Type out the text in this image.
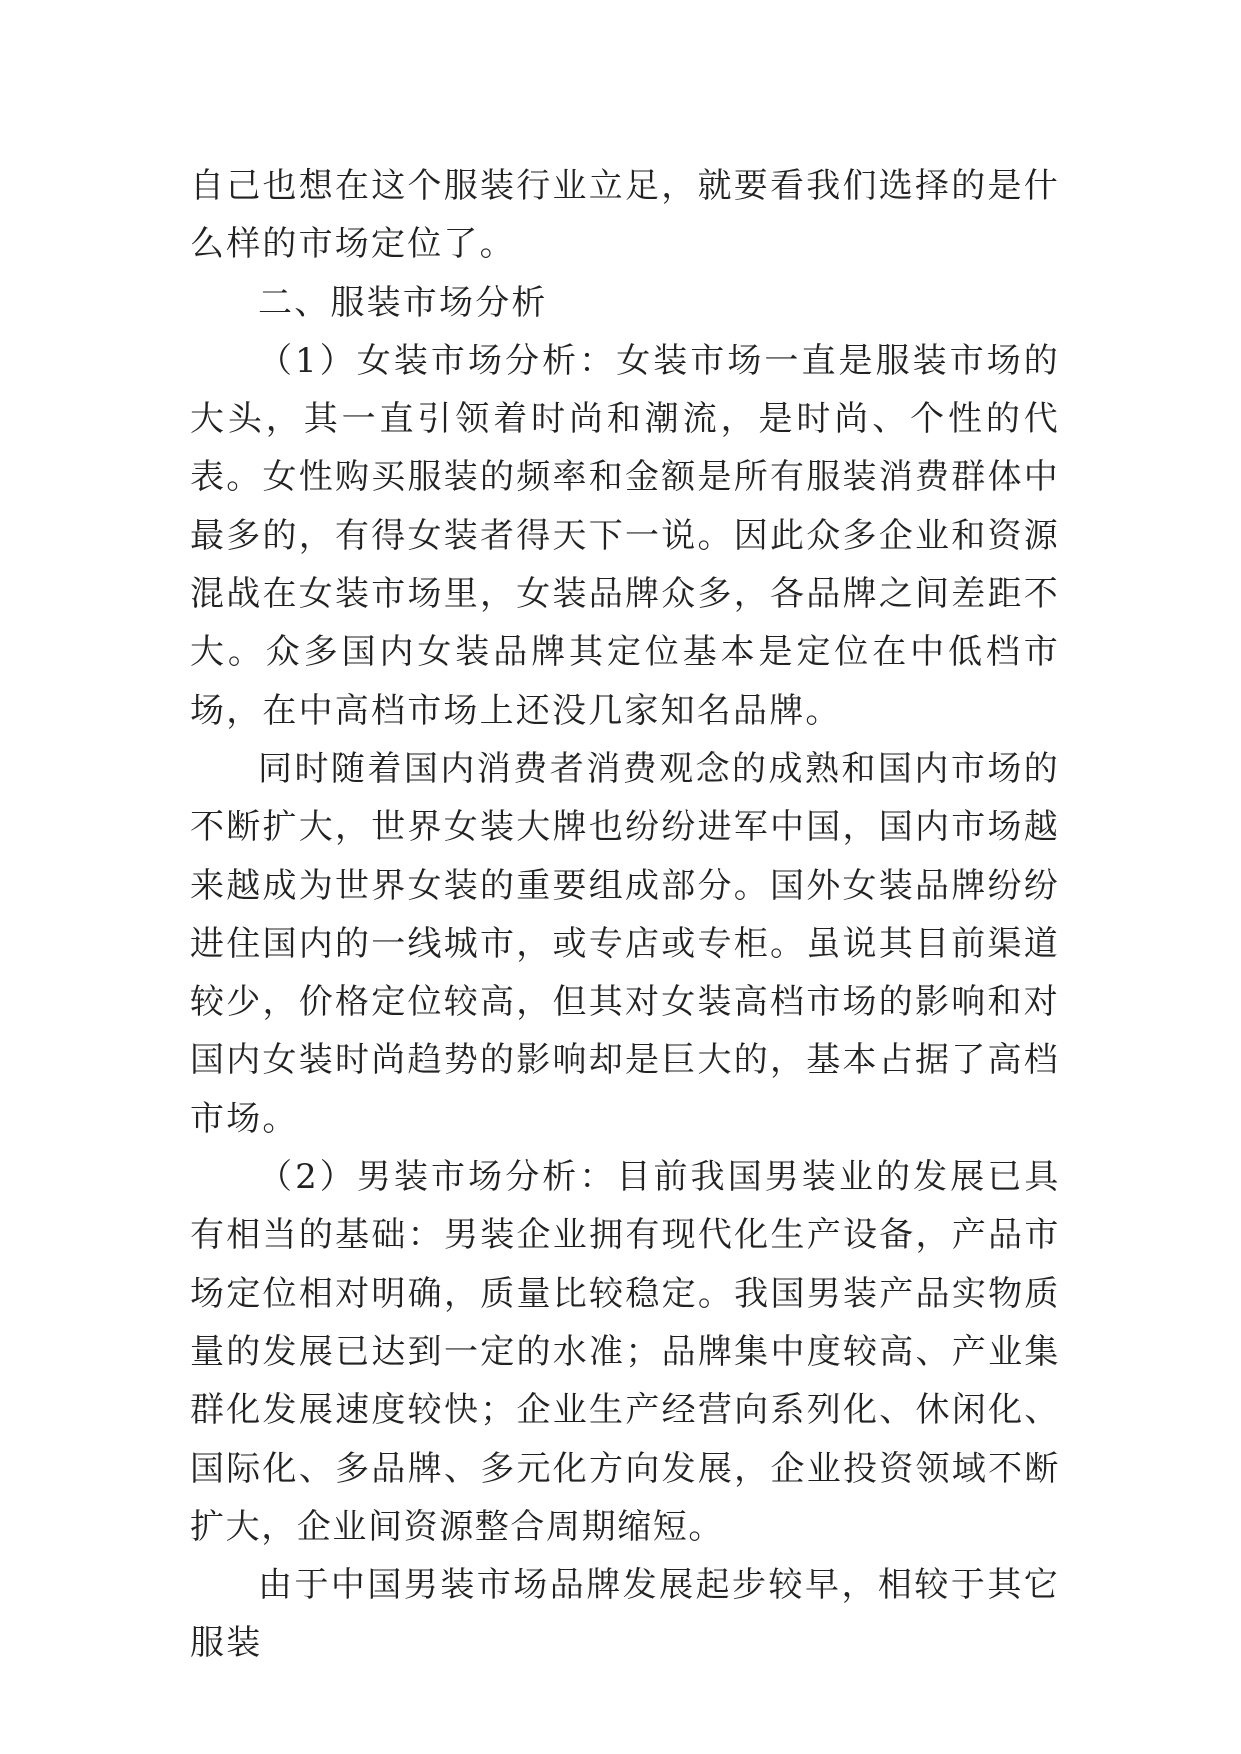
自己也想在这个服装行业立足，就要看我们选择的是什么样的市场定位了。

二、服装市场分析

（1）女装市场分析：女装市场一直是服装市场的大头，其一直引领着时尚和潮流，是时尚、个性的代表。女性购买服装的频率和金额是所有服装消费群体中最多的，有得女装者得天下一说。因此众多企业和资源混战在女装市场里，女装品牌众多，各品牌之间差距不大。众多国内女装品牌其定位基本是定位在中低档市场，在中高档市场上还没几家知名品牌。

同时随着国内消费者消费观念的成熟和国内市场的不断扩大，世界女装大牌也纷纷进军中国，国内市场越来越成为世界女装的重要组成部分。国外女装品牌纷纷进住国内的一线城市，或专店或专柜。虽说其目前渠道较少，价格定位较高，但其对女装高档市场的影响和对国内女装时尚趋势的影响却是巨大的，基本占据了高档市场。

（2）男装市场分析：目前我国男装业的发展已具有相当的基础：男装企业拥有现代化生产设备，产品市场定位相对明确，质量比较稳定。我国男装产品实物质量的发展已达到一定的水准；品牌集中度较高、产业集群化发展速度较快；企业生产经营向系列化、休闲化、国际化、多品牌、多元化方向发展，企业投资领域不断扩大，企业间资源整合周期缩短。

由于中国男装市场品牌发展起步较早，相较于其它服装
